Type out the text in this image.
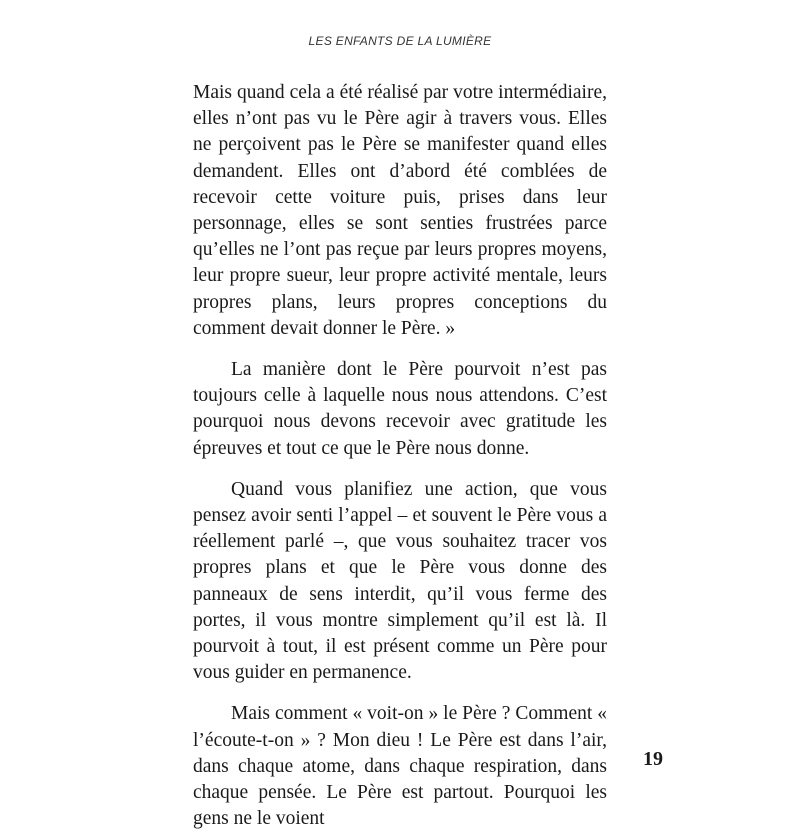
LES ENFANTS DE LA LUMIÈRE

Mais quand cela a été réalisé par votre intermédiaire, elles n’ont pas vu le Père agir à travers vous. Elles ne perçoivent pas le Père se manifester quand elles demandent. Elles ont d’abord été comblées de recevoir cette voiture puis, prises dans leur personnage, elles se sont senties frustrées parce qu’elles ne l’ont pas reçue par leurs propres moyens, leur propre sueur, leur propre activité mentale, leurs propres plans, leurs propres conceptions du comment devait donner le Père. »

La manière dont le Père pourvoit n’est pas toujours celle à laquelle nous nous attendons. C’est pourquoi nous devons recevoir avec gratitude les épreuves et tout ce que le Père nous donne.

Quand vous planifiez une action, que vous pensez avoir senti l’appel – et souvent le Père vous a réellement parlé –, que vous souhaitez tracer vos propres plans et que le Père vous donne des panneaux de sens interdit, qu’il vous ferme des portes, il vous montre simplement qu’il est là. Il pourvoit à tout, il est présent comme un Père pour vous guider en permanence.

Mais comment « voit-on » le Père ? Comment « l’écoute-t-on » ? Mon dieu ! Le Père est dans l’air, dans chaque atome, dans chaque respiration, dans chaque pensée. Le Père est partout. Pourquoi les gens ne le voient

19
